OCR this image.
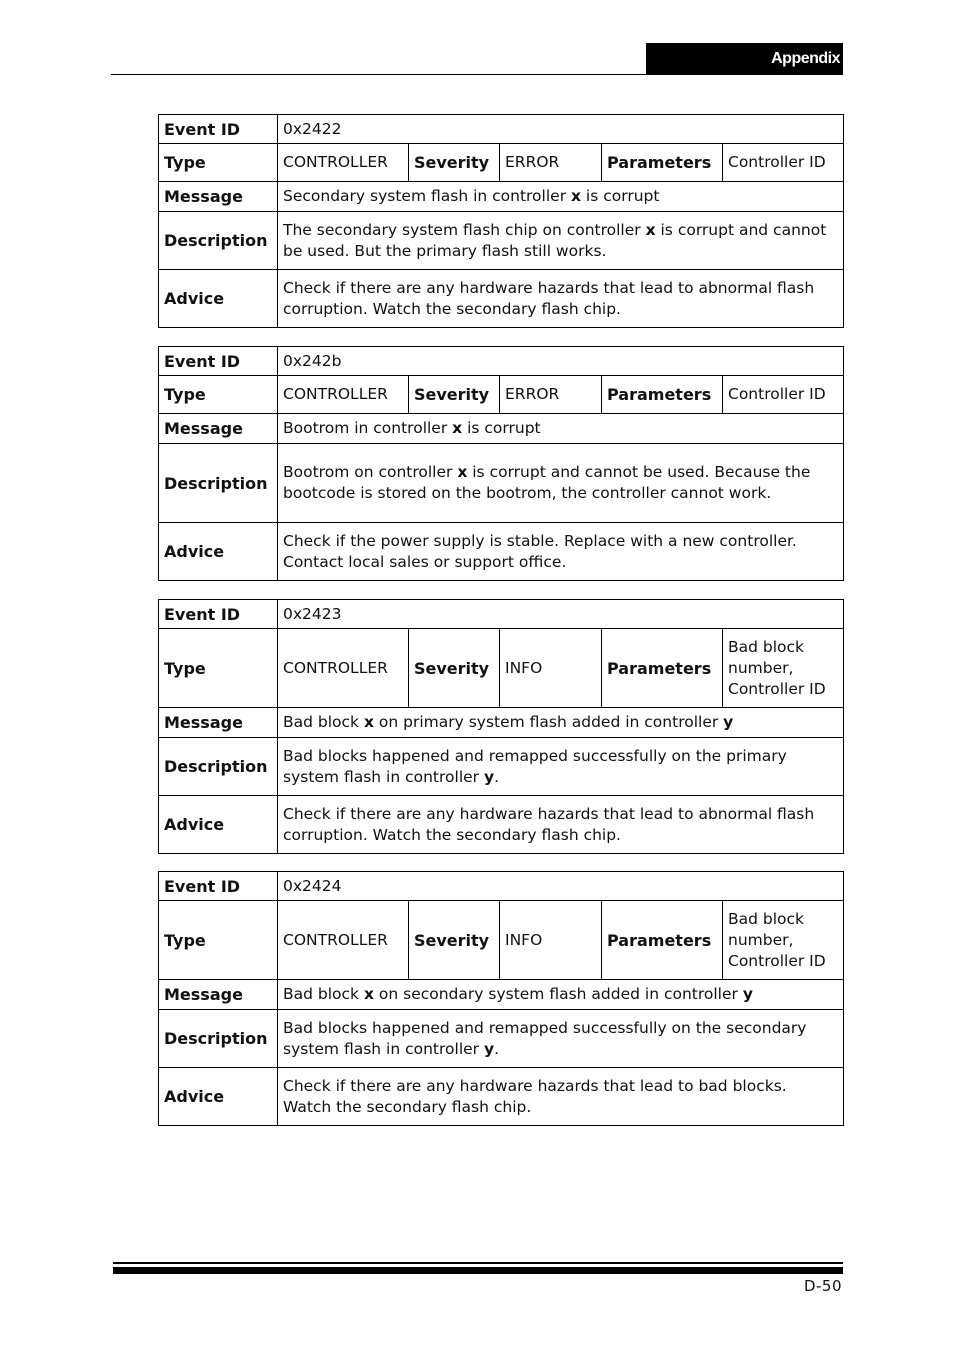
Appendix
Event ID	0x2422				
Type	CONTROLLER	Severity	ERROR	Parameters	Controller ID
Message	Secondary system flash in controller x is corrupt				
Description	The secondary system flash chip on controller x is corrupt and cannot be used. But the primary flash still works.				
Advice	Check if there are any hardware hazards that lead to abnormal flash corruption. Watch the secondary flash chip.				
Event ID	0x242b				
Type	CONTROLLER	Severity	ERROR	Parameters	Controller ID
Message	Bootrom in controller x is corrupt				
Description	Bootrom on controller x is corrupt and cannot be used. Because the bootcode is stored on the bootrom, the controller cannot work.				
Advice	Check if the power supply is stable. Replace with a new controller. Contact local sales or support office.				
Event ID	0x2423				
Type	CONTROLLER	Severity	INFO	Parameters	Bad block number, Controller ID
Message	Bad block x on primary system flash added in controller y				
Description	Bad blocks happened and remapped successfully on the primary system flash in controller y.				
Advice	Check if there are any hardware hazards that lead to abnormal flash corruption. Watch the secondary flash chip.				
Event ID	0x2424				
Type	CONTROLLER	Severity	INFO	Parameters	Bad block number, Controller ID
Message	Bad block x on secondary system flash added in controller y				
Description	Bad blocks happened and remapped successfully on the secondary system flash in controller y.				
Advice	Check if there are any hardware hazards that lead to bad blocks. Watch the secondary flash chip.				
D-50
